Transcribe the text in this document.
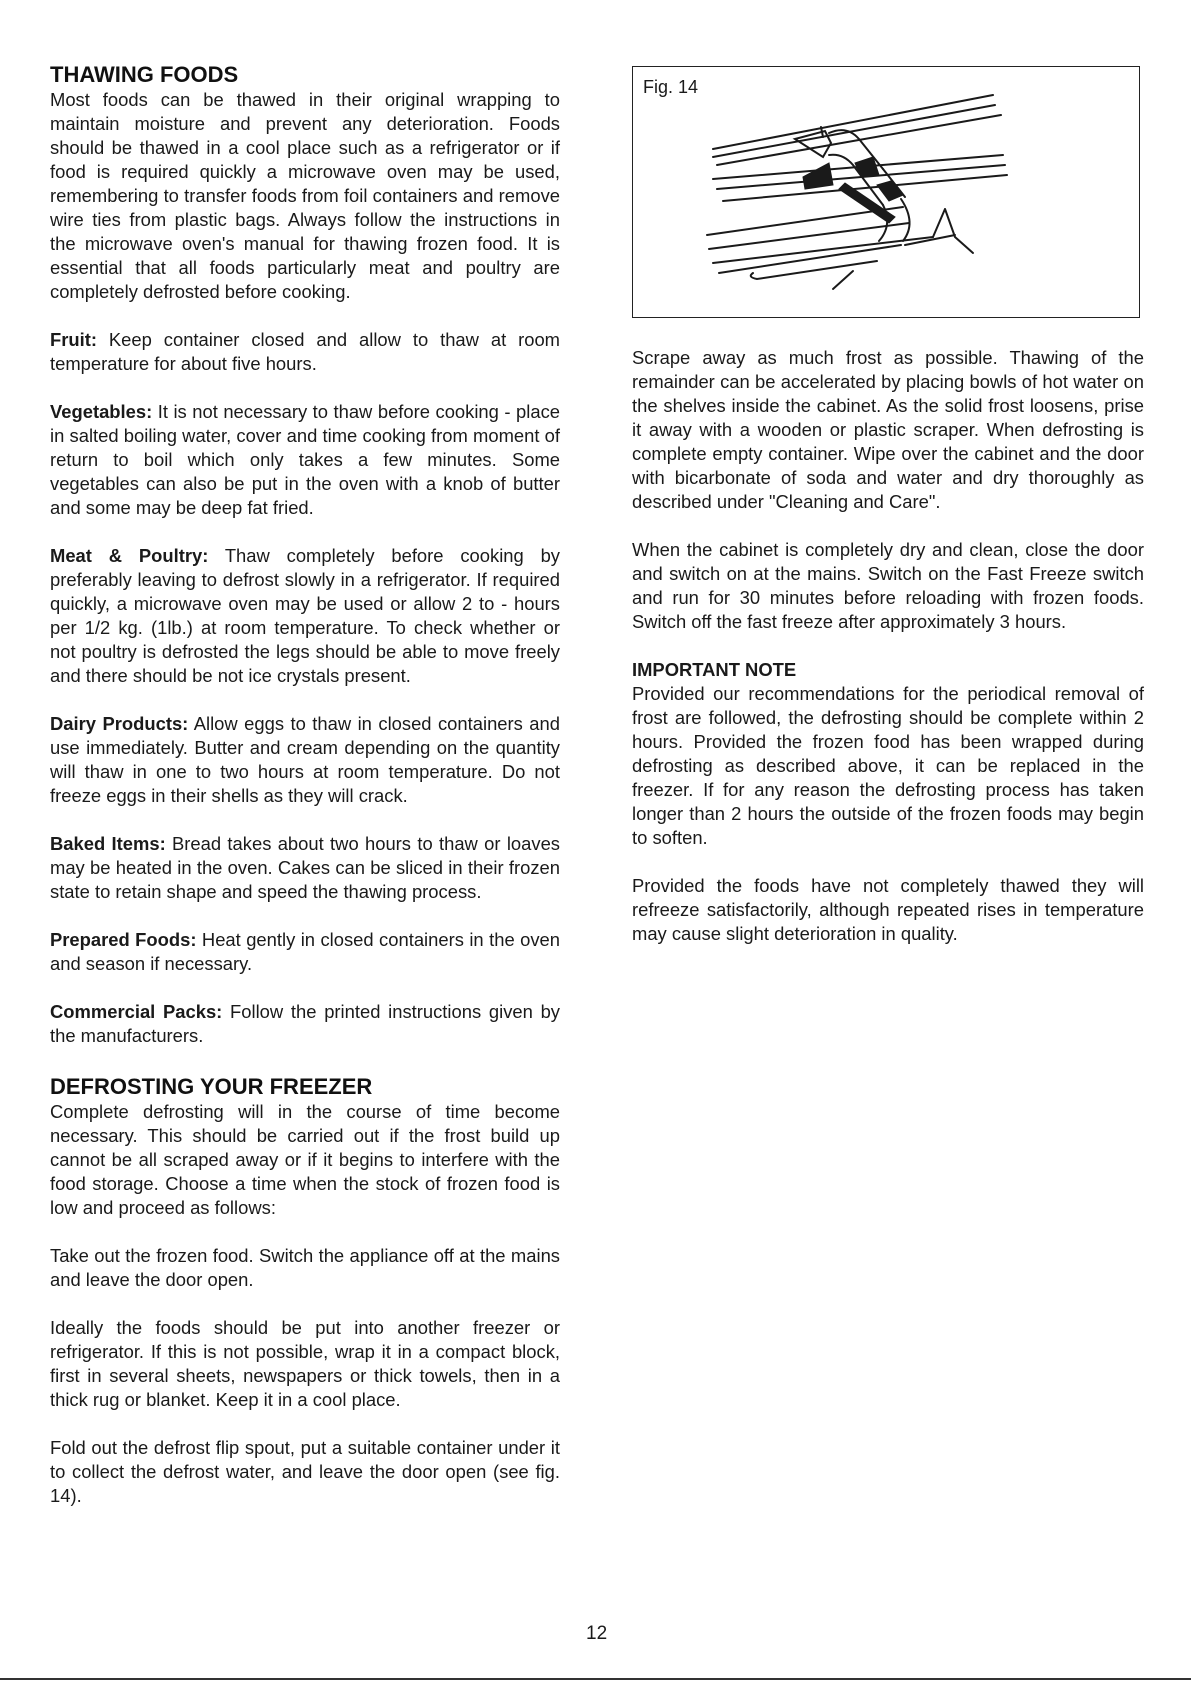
THAWING FOODS

Most foods can be thawed in their original wrapping to maintain moisture and prevent any deterioration. Foods should be thawed in a cool place such as a refrigerator or if food is required quickly a microwave oven may be used, remembering to transfer foods from foil containers and remove wire ties from plastic bags. Always follow the instructions in the microwave oven's manual for thawing frozen food. It is essential that all foods particularly meat and poultry are completely defrosted before cooking.

Fruit: Keep container closed and allow to thaw at room temperature for about five hours.

Vegetables: It is not necessary to thaw before cooking - place in salted boiling water, cover and time cooking from moment of return to boil which only takes a few minutes. Some vegetables can also be put in the oven with a knob of butter and some may be deep fat fried.

Meat & Poultry: Thaw completely before cooking by preferably leaving to defrost slowly in a refrigerator. If required quickly, a microwave oven may be used or allow 2 to - hours per 1/2 kg. (1lb.) at room temperature. To check whether or not poultry is defrosted the legs should be able to move freely and there should be not ice crystals present.

Dairy Products: Allow eggs to thaw in closed containers and use immediately. Butter and cream depending on the quantity will thaw in one to two hours at room temperature. Do not freeze eggs in their shells as they will crack.

Baked Items: Bread takes about two hours to thaw or loaves may be heated in the oven. Cakes can be sliced in their frozen state to retain shape and speed the thawing process.

Prepared Foods: Heat gently in closed containers in the oven and season if necessary.

Commercial Packs: Follow the printed instructions given by the manufacturers.

DEFROSTING YOUR FREEZER

Complete defrosting will in the course of time become necessary. This should be carried out if the frost build up cannot be all scraped away or if it begins to interfere with the food storage. Choose a time when the stock of frozen food is low and proceed as follows:

Take out the frozen food. Switch the appliance off at the mains and leave the door open.

Ideally the foods should be put into another freezer or refrigerator. If this is not possible, wrap it in a compact block, first in several sheets, newspapers or thick towels, then in a thick rug or blanket. Keep it in a cool place.

Fold out the defrost flip spout, put a suitable container under it to collect the defrost water, and leave the door open (see fig. 14).

Fig. 14

Scrape away as much frost as possible. Thawing of the remainder can be accelerated by placing bowls of hot water on the shelves inside the cabinet. As the solid frost loosens, prise it away with a wooden or plastic scraper. When defrosting is complete empty container. Wipe over the cabinet and the door with bicarbonate of soda and water and dry thoroughly as described under "Cleaning and Care".

When the cabinet is completely dry and clean, close the door and switch on at the mains. Switch on the Fast Freeze switch and run for 30 minutes before reloading with frozen foods. Switch off the fast freeze after approximately 3 hours.

IMPORTANT NOTE

Provided our recommendations for the periodical removal of frost are followed, the defrosting should be complete within 2 hours. Provided the frozen food has been wrapped during defrosting as described above, it can be replaced in the freezer. If for any reason the defrosting process has taken longer than 2 hours the outside of the frozen foods may begin to soften.

Provided the foods have not completely thawed they will refreeze satisfactorily, although repeated rises in temperature may cause slight deterioration in quality.

12
